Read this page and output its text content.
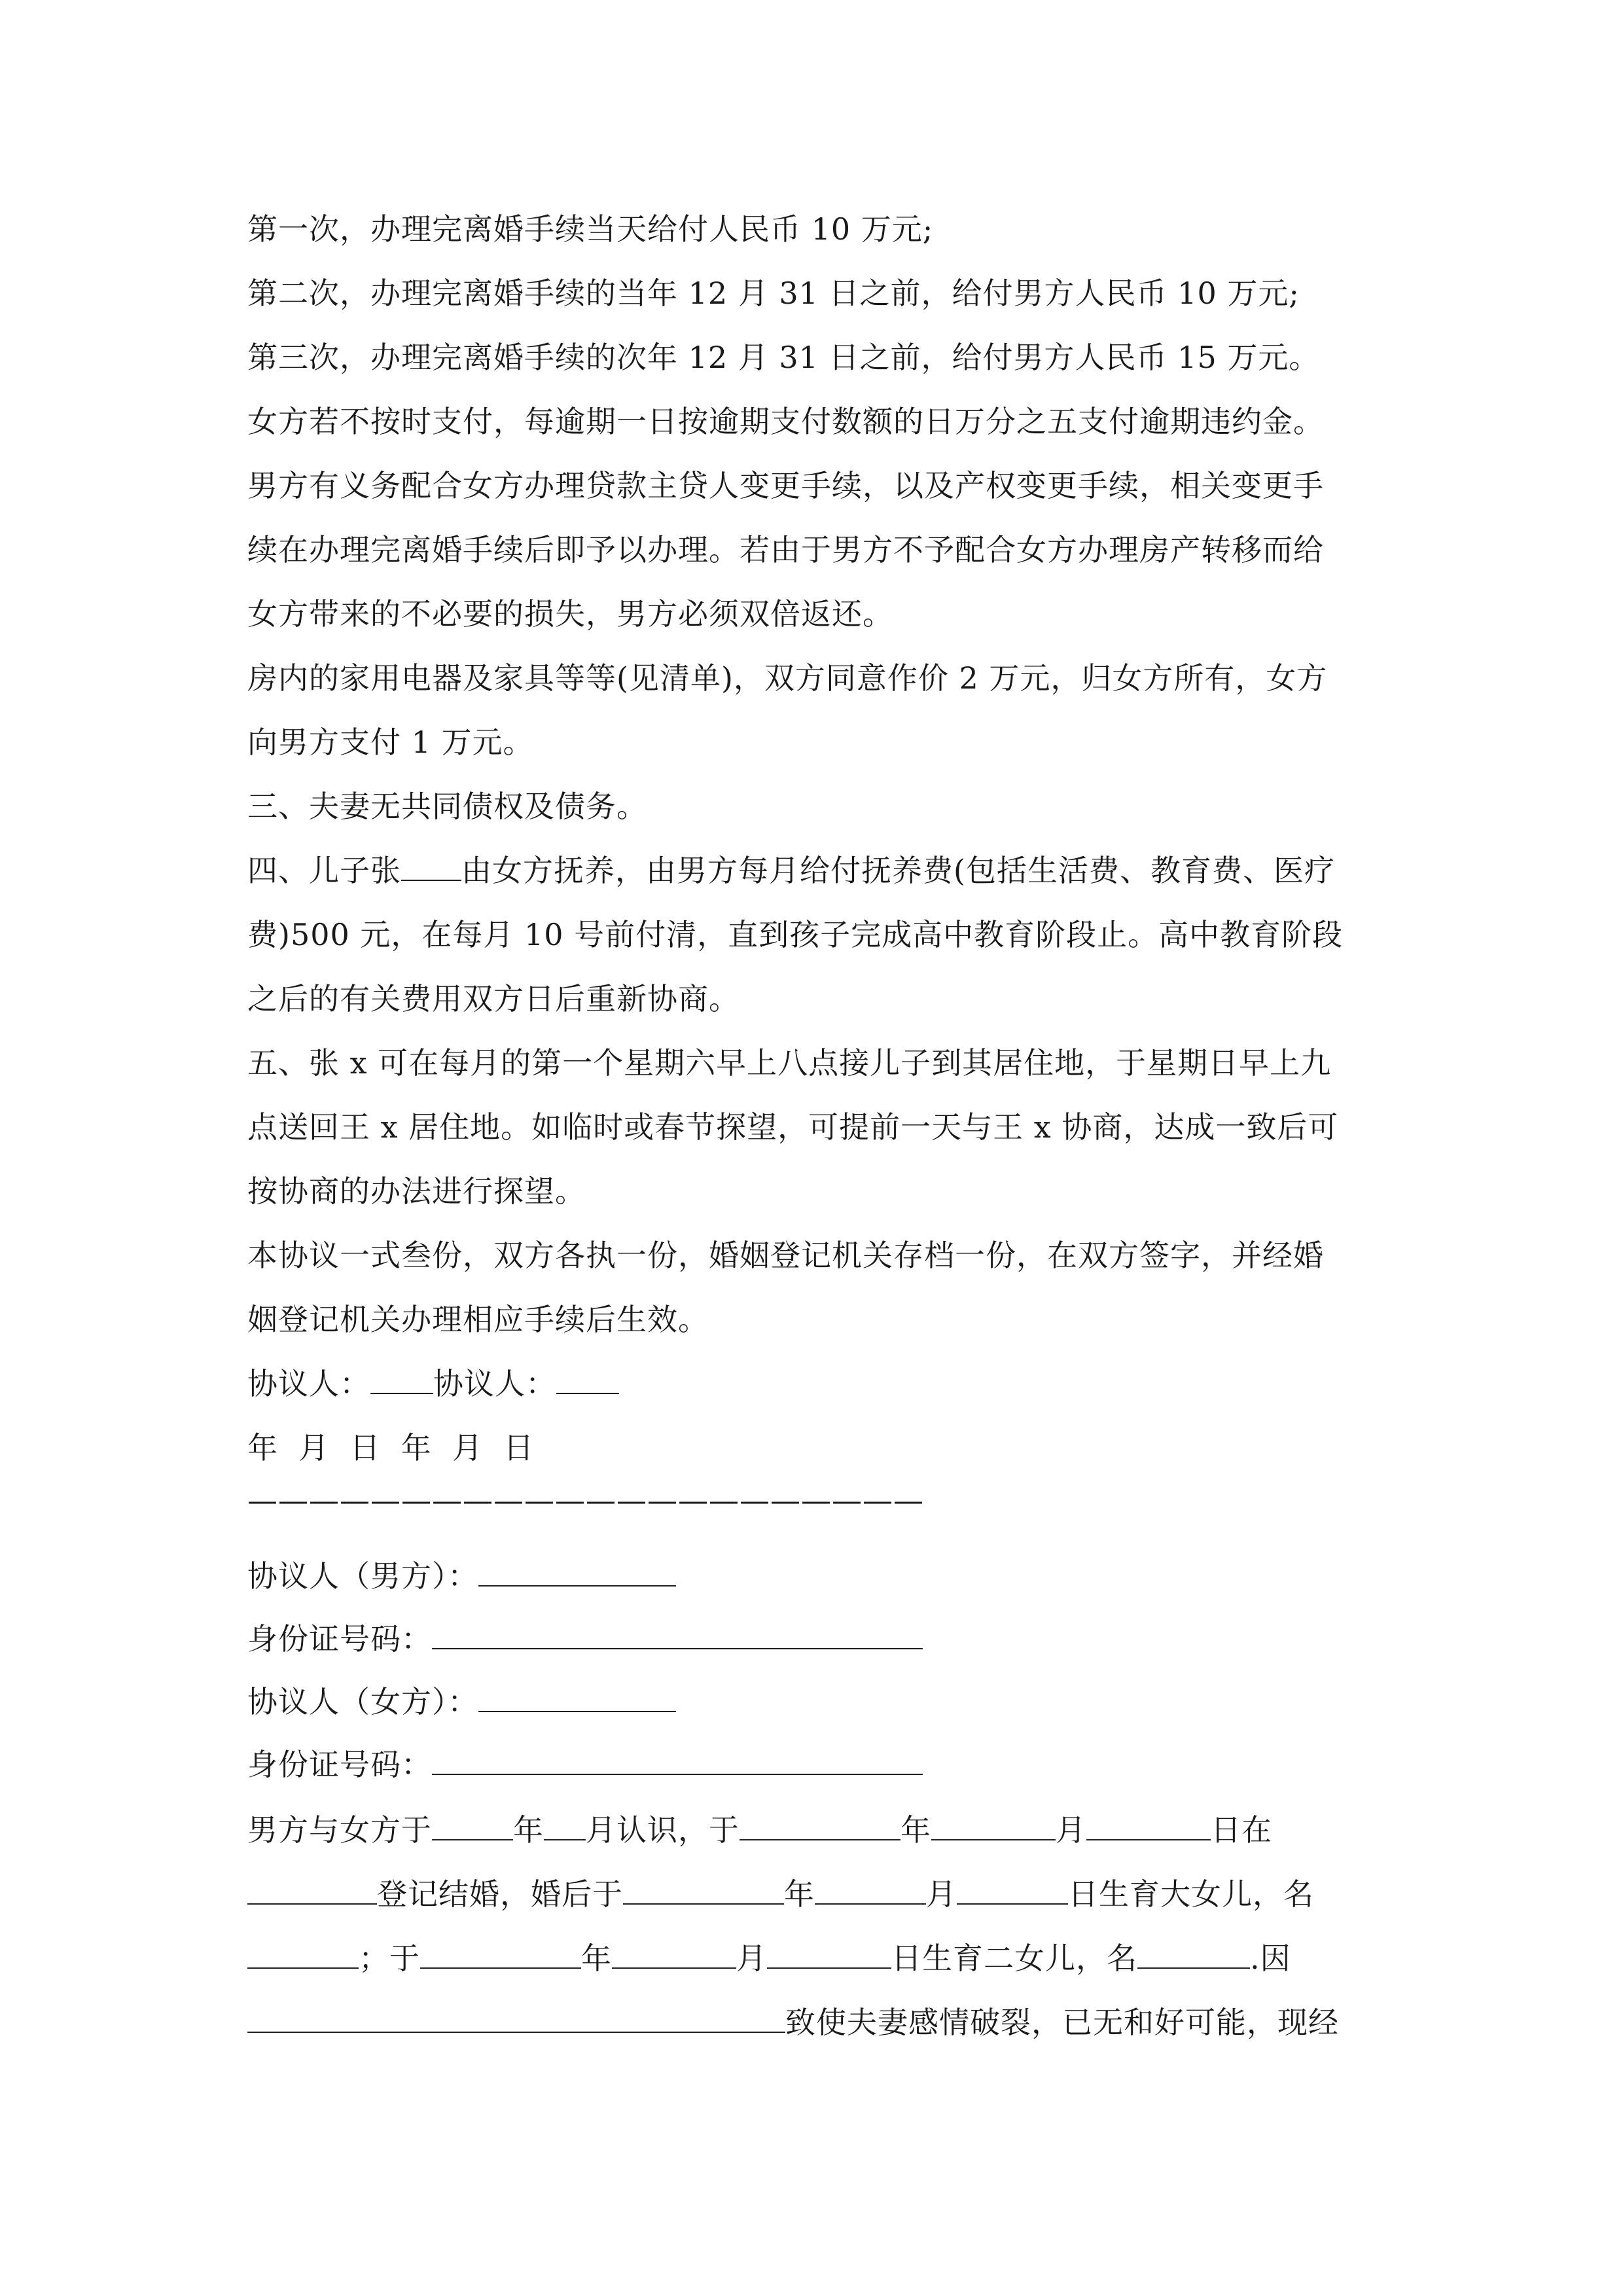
第一次，办理完离婚手续当天给付人民币 10 万元;
第二次，办理完离婚手续的当年 12 月 31 日之前，给付男方人民币 10 万元;
第三次，办理完离婚手续的次年 12 月 31 日之前，给付男方人民币 15 万元。
女方若不按时支付，每逾期一日按逾期支付数额的日万分之五支付逾期违约金。
男方有义务配合女方办理贷款主贷人变更手续，以及产权变更手续，相关变更手
续在办理完离婚手续后即予以办理。若由于男方不予配合女方办理房产转移而给
女方带来的不必要的损失，男方必须双倍返还。
房内的家用电器及家具等等(见清单)，双方同意作价 2 万元，归女方所有，女方
向男方支付 1 万元。
三、夫妻无共同债权及债务。
四、儿子张 由女方抚养，由男方每月给付抚养费(包括生活费、教育费、医疗
费)500 元，在每月 10 号前付清，直到孩子完成高中教育阶段止。高中教育阶段
之后的有关费用双方日后重新协商。
五、张 x 可在每月的第一个星期六早上八点接儿子到其居住地，于星期日早上九
点送回王 x 居住地。如临时或春节探望，可提前一天与王 x 协商，达成一致后可
按协商的办法进行探望。
本协议一式叁份，双方各执一份，婚姻登记机关存档一份，在双方签字，并经婚
姻登记机关办理相应手续后生效。
协议人： 协议人：
年  月  日  年  月  日
——————————————————————
协议人（男方）：
身份证号码：
协议人（女方）：
身份证号码：
男方与女方于	年 月认识，于	年	月	日在
登记结婚，婚后于	年	月	日生育大女儿，名
；于	年	月	日生育二女儿，名	.因
致使夫妻感情破裂，已无和好可能，现经
